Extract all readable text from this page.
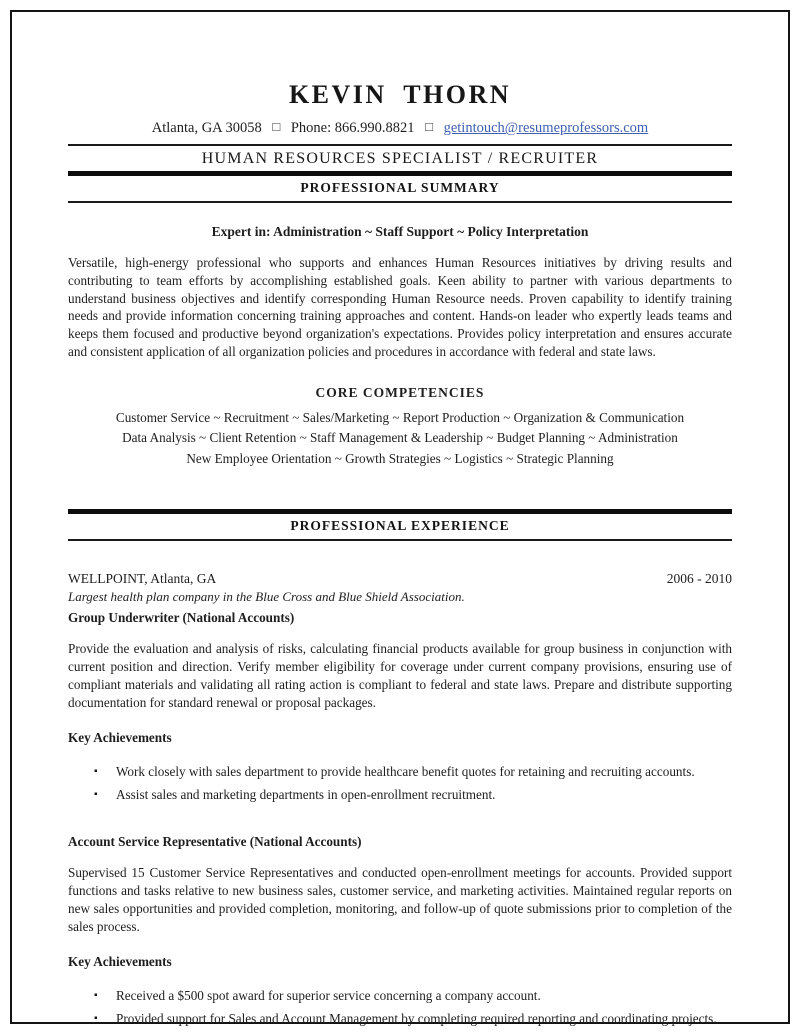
KEVIN THORN
Atlanta, GA 30058 □ Phone: 866.990.8821 □ getintouch@resumeprofessors.com
HUMAN RESOURCES SPECIALIST / RECRUITER
PROFESSIONAL SUMMARY
Expert in: Administration ~ Staff Support ~ Policy Interpretation

Versatile, high-energy professional who supports and enhances Human Resources initiatives by driving results and contributing to team efforts by accomplishing established goals. Keen ability to partner with various departments to understand business objectives and identify corresponding Human Resource needs. Proven capability to identify training needs and provide information concerning training approaches and content. Hands-on leader who expertly leads teams and keeps them focused and productive beyond organization's expectations. Provides policy interpretation and ensures accurate and consistent application of all organization policies and procedures in accordance with federal and state laws.

CORE COMPETENCIES
Customer Service ~ Recruitment ~ Sales/Marketing ~ Report Production ~ Organization & Communication
Data Analysis ~ Client Retention ~ Staff Management & Leadership ~ Budget Planning ~ Administration
New Employee Orientation ~ Growth Strategies ~ Logistics ~ Strategic Planning
PROFESSIONAL EXPERIENCE
WELLPOINT, Atlanta, GA	2006 - 2010
Largest health plan company in the Blue Cross and Blue Shield Association.
Group Underwriter (National Accounts)

Provide the evaluation and analysis of risks, calculating financial products available for group business in conjunction with current position and direction. Verify member eligibility for coverage under current company provisions, ensuring use of compliant materials and validating all rating action is compliant to federal and state laws. Prepare and distribute supporting documentation for standard renewal or proposal packages.

Key Achievements
▪	Work closely with sales department to provide healthcare benefit quotes for retaining and recruiting accounts.
▪	Assist sales and marketing departments in open-enrollment recruitment.
Account Service Representative (National Accounts)

Supervised 15 Customer Service Representatives and conducted open-enrollment meetings for accounts. Provided support functions and tasks relative to new business sales, customer service, and marketing activities. Maintained regular reports on new sales opportunities and provided completion, monitoring, and follow-up of quote submissions prior to completion of the sales process.

Key Achievements
▪	Received a $500 spot award for superior service concerning a company account.
▪	Provided support for Sales and Account Management by completing required reporting and coordinating projects.
